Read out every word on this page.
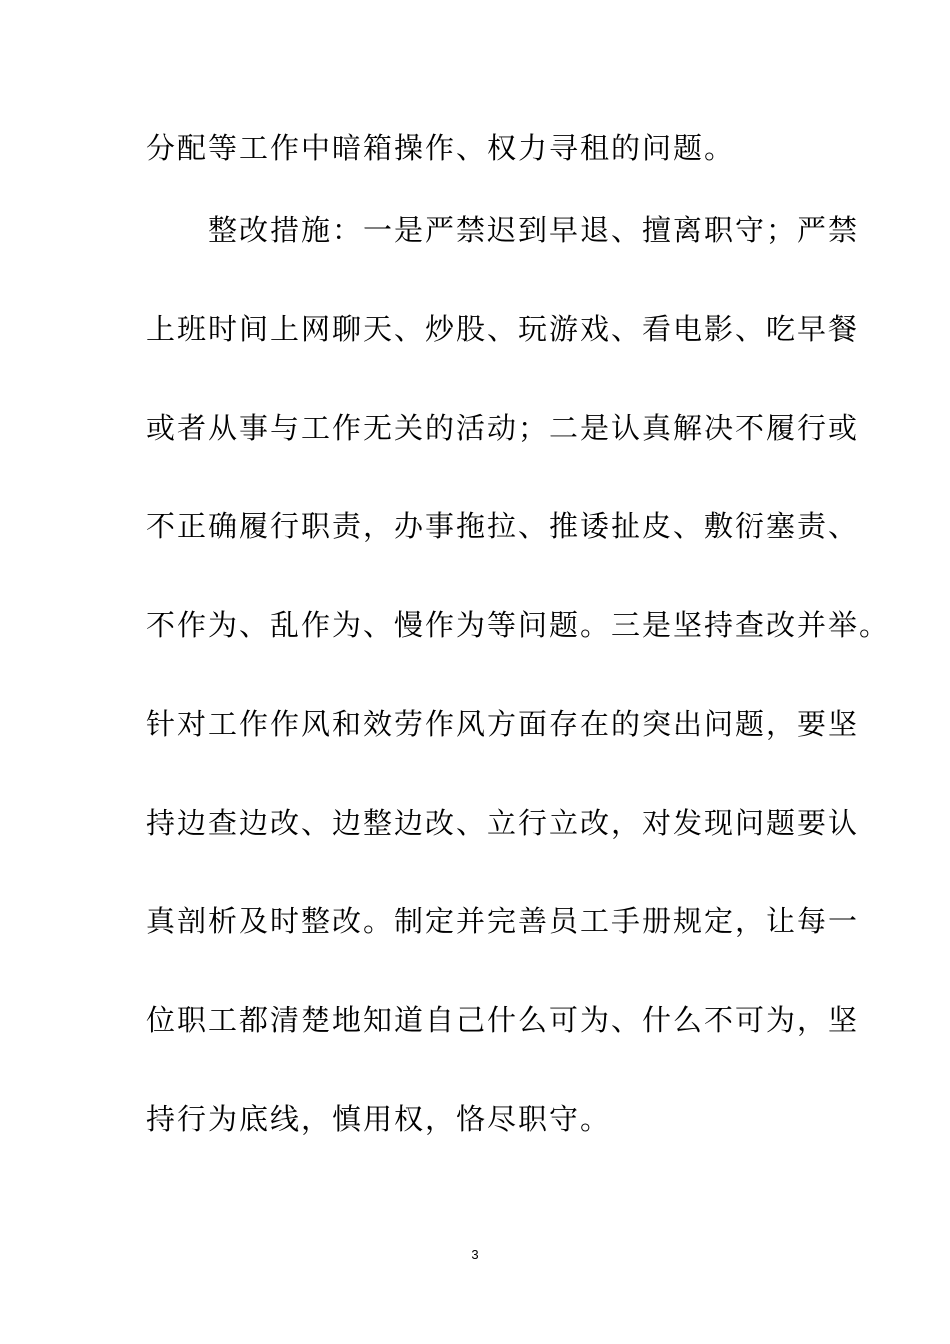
分配等工作中暗箱操作、权力寻租的问题。
　　整改措施：一是严禁迟到早退、擅离职守；严禁
上班时间上网聊天、炒股、玩游戏、看电影、吃早餐
或者从事与工作无关的活动；二是认真解决不履行或
不正确履行职责，办事拖拉、推诿扯皮、敷衍塞责、
不作为、乱作为、慢作为等问题。三是坚持查改并举。
针对工作作风和效劳作风方面存在的突出问题，要坚
持边查边改、边整边改、立行立改，对发现问题要认
真剖析及时整改。制定并完善员工手册规定，让每一
位职工都清楚地知道自己什么可为、什么不可为，坚
持行为底线，慎用权，恪尽职守。
3
